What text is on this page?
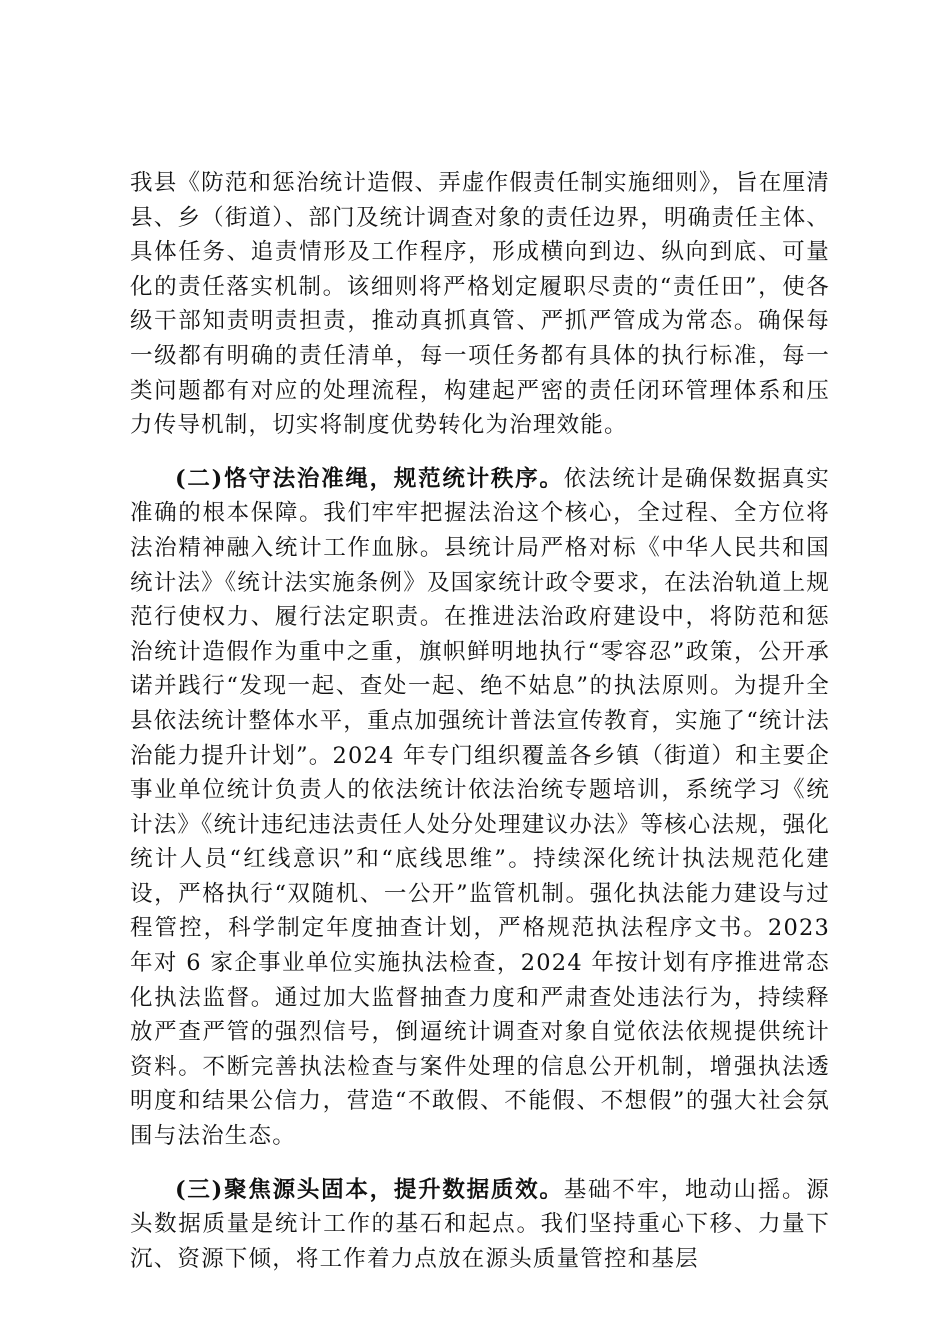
我县《防范和惩治统计造假、弄虚作假责任制实施细则》，旨在厘清县、乡（街道）、部门及统计调查对象的责任边界，明确责任主体、具体任务、追责情形及工作程序，形成横向到边、纵向到底、可量化的责任落实机制。该细则将严格划定履职尽责的“责任田”，使各级干部知责明责担责，推动真抓真管、严抓严管成为常态。确保每一级都有明确的责任清单，每一项任务都有具体的执行标准，每一类问题都有对应的处理流程，构建起严密的责任闭环管理体系和压力传导机制，切实将制度优势转化为治理效能。

(二)恪守法治准绳，规范统计秩序。依法统计是确保数据真实准确的根本保障。我们牢牢把握法治这个核心，全过程、全方位将法治精神融入统计工作血脉。县统计局严格对标《中华人民共和国统计法》《统计法实施条例》及国家统计政令要求，在法治轨道上规范行使权力、履行法定职责。在推进法治政府建设中，将防范和惩治统计造假作为重中之重，旗帜鲜明地执行“零容忍”政策，公开承诺并践行“发现一起、查处一起、绝不姑息”的执法原则。为提升全县依法统计整体水平，重点加强统计普法宣传教育，实施了“统计法治能力提升计划”。2024 年专门组织覆盖各乡镇（街道）和主要企事业单位统计负责人的依法统计依法治统专题培训，系统学习《统计法》《统计违纪违法责任人处分处理建议办法》等核心法规，强化统计人员“红线意识”和“底线思维”。持续深化统计执法规范化建设，严格执行“双随机、一公开”监管机制。强化执法能力建设与过程管控，科学制定年度抽查计划，严格规范执法程序文书。2023 年对 6 家企事业单位实施执法检查，2024 年按计划有序推进常态化执法监督。通过加大监督抽查力度和严肃查处违法行为，持续释放严查严管的强烈信号，倒逼统计调查对象自觉依法依规提供统计资料。不断完善执法检查与案件处理的信息公开机制，增强执法透明度和结果公信力，营造“不敢假、不能假、不想假”的强大社会氛围与法治生态。

(三)聚焦源头固本，提升数据质效。基础不牢，地动山摇。源头数据质量是统计工作的基石和起点。我们坚持重心下移、力量下沉、资源下倾，将工作着力点放在源头质量管控和基层
